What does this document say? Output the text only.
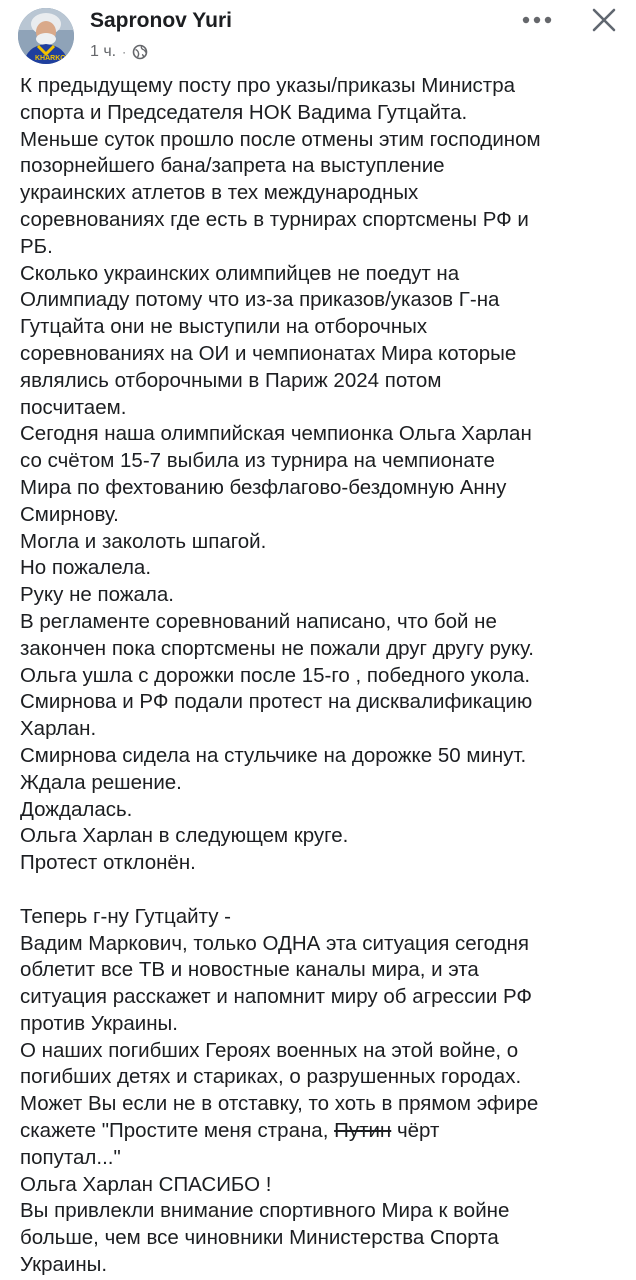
KHARKOV
Sapronov Yuri
1 ч. ·
К предыдущему посту про указы/приказы Министра
спорта и Председателя НОК Вадима Гутцайта.
Меньше суток прошло после отмены этим господином
позорнейшего бана/запрета на выступление
украинских атлетов в тех международных
соревнованиях где есть в турнирах спортсмены РФ и
РБ.
Сколько украинских олимпийцев не поедут на
Олимпиаду потому что из-за приказов/указов Г-на
Гутцайта они не выступили на отборочных
соревнованиях на ОИ и чемпионатах Мира которые
являлись отборочными в Париж 2024 потом
посчитаем.
Сегодня наша олимпийская чемпионка Ольга Харлан
со счётом 15-7 выбила из турнира на чемпионате
Мира по фехтованию безфлагово-бездомную Анну
Смирнову.
Могла и заколоть шпагой.
Но пожалела.
Руку не пожала.
В регламенте соревнований написано, что бой не
закончен пока спортсмены не пожали друг другу руку.
Ольга ушла с дорожки после 15-го , победного укола.
Смирнова и РФ подали протест на дисквалификацию
Харлан.
Смирнова сидела на стульчике на дорожке 50 минут.
Ждала решение.
Дождалась.
Ольга Харлан в следующем круге.
Протест отклонён.
Теперь г-ну Гутцайту -
Вадим Маркович, только ОДНА эта ситуация сегодня
облетит все ТВ и новостные каналы мира, и эта
ситуация расскажет и напомнит миру об агрессии РФ
против Украины.
О наших погибших Героях военных на этой войне, о
погибших детях и стариках, о разрушенных городах.
Может Вы если не в отставку, то хоть в прямом эфире
скажете "Простите меня страна, Путин чёрт
попутал..."
Ольга Харлан СПАСИБО !
Вы привлекли внимание спортивного Мира к войне
больше, чем все чиновники Министерства Спорта
Украины.
